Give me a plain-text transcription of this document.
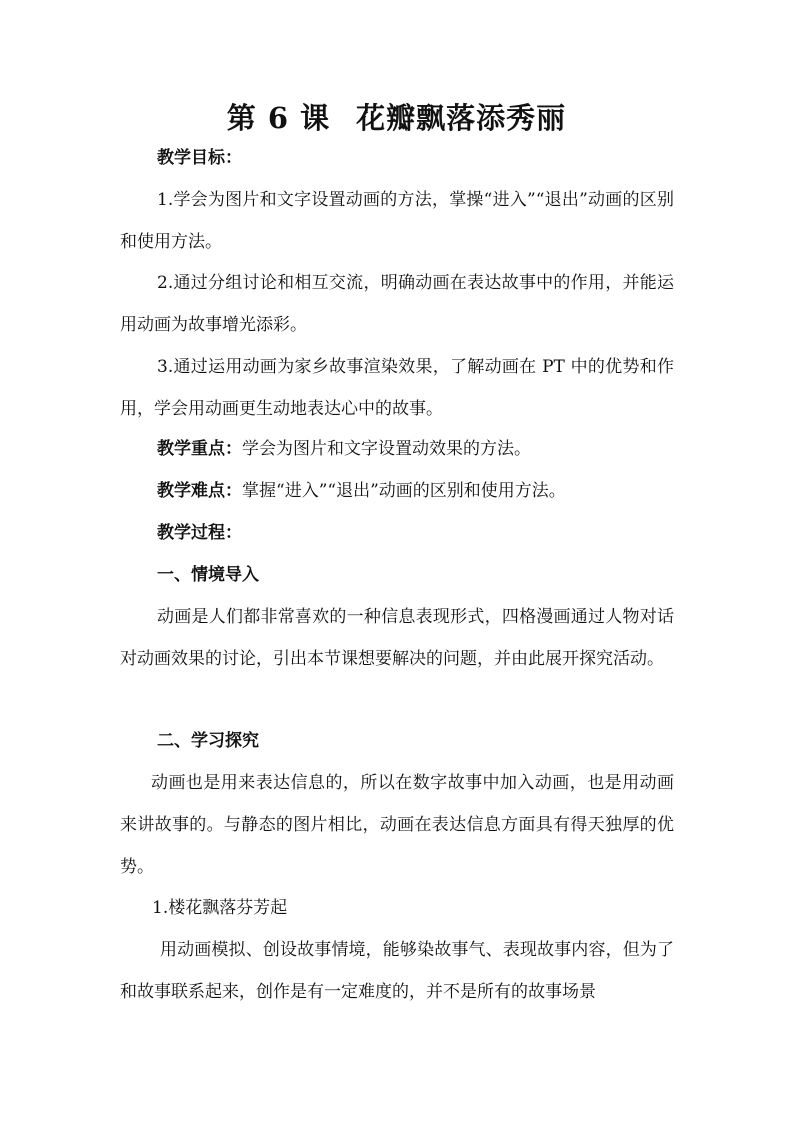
第 6 课 花瓣飘落添秀丽
教学目标：
1.学会为图片和文字设置动画的方法，掌操“进入”“退出”动画的区别和使用方法。
2.通过分组讨论和相互交流，明确动画在表达故事中的作用，并能运用动画为故事增光添彩。
3.通过运用动画为家乡故事渲染效果，了解动画在 PT 中的优势和作用，学会用动画更生动地表达心中的故事。
教学重点：学会为图片和文字设置动效果的方法。
教学难点：掌握“进入”“退出”动画的区别和使用方法。
教学过程：
一、情境导入
动画是人们都非常喜欢的一种信息表现形式，四格漫画通过人物对话对动画效果的讨论，引出本节课想要解决的问题，并由此展开探究活动。
二、学习探究
动画也是用来表达信息的，所以在数字故事中加入动画，也是用动画来讲故事的。与静态的图片相比，动画在表达信息方面具有得天独厚的优势。
1.楼花飘落芬芳起
用动画模拟、创设故事情境，能够染故事气、表现故事内容，但为了和故事联系起来，创作是有一定难度的，并不是所有的故事场景
